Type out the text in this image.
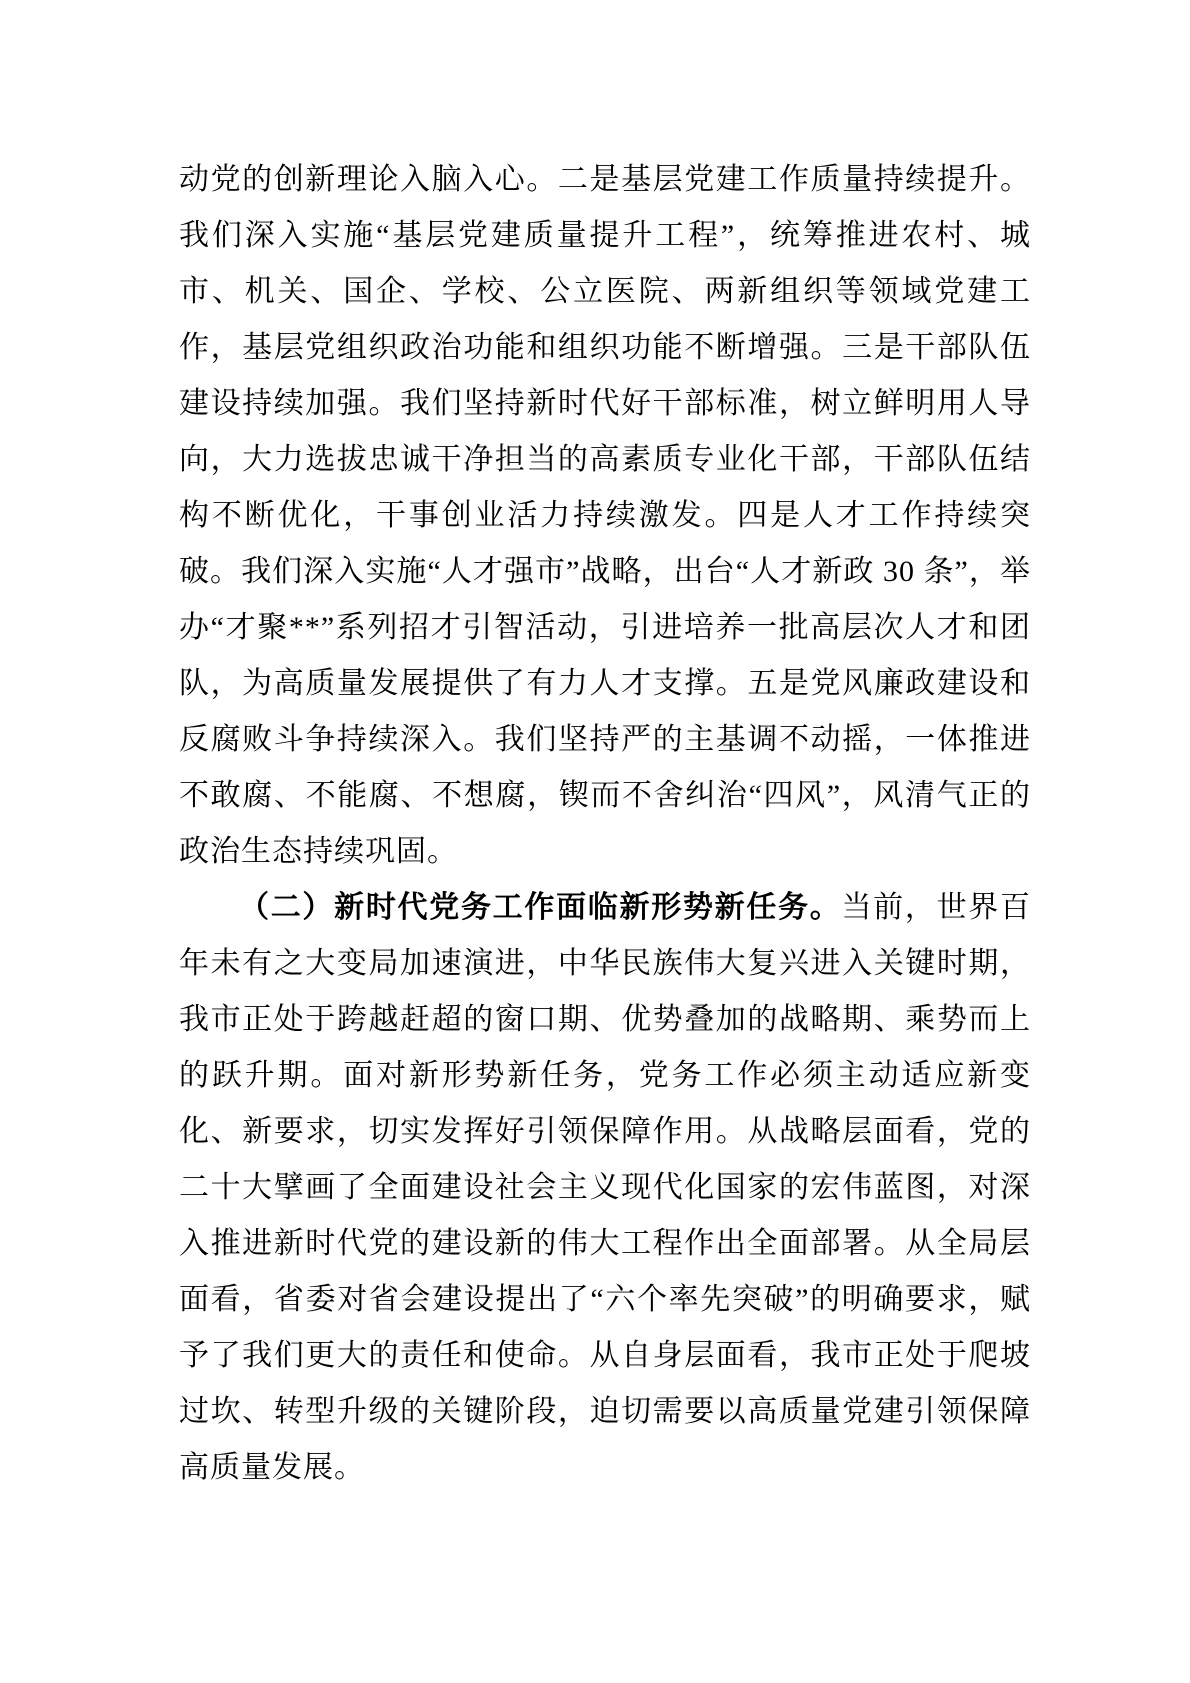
动党的创新理论入脑入心。二是基层党建工作质量持续提升。我们深入实施“基层党建质量提升工程”，统筹推进农村、城市、机关、国企、学校、公立医院、两新组织等领域党建工作，基层党组织政治功能和组织功能不断增强。三是干部队伍建设持续加强。我们坚持新时代好干部标准，树立鲜明用人导向，大力选拔忠诚干净担当的高素质专业化干部，干部队伍结构不断优化，干事创业活力持续激发。四是人才工作持续突破。我们深入实施“人才强市”战略，出台“人才新政 30 条”，举办“才聚**”系列招才引智活动，引进培养一批高层次人才和团队，为高质量发展提供了有力人才支撑。五是党风廉政建设和反腐败斗争持续深入。我们坚持严的主基调不动摇，一体推进不敢腐、不能腐、不想腐，锲而不舍纠治“四风”，风清气正的政治生态持续巩固。

（二）新时代党务工作面临新形势新任务。当前，世界百年未有之大变局加速演进，中华民族伟大复兴进入关键时期，我市正处于跨越赶超的窗口期、优势叠加的战略期、乘势而上的跃升期。面对新形势新任务，党务工作必须主动适应新变化、新要求，切实发挥好引领保障作用。从战略层面看，党的二十大擘画了全面建设社会主义现代化国家的宏伟蓝图，对深入推进新时代党的建设新的伟大工程作出全面部署。从全局层面看，省委对省会建设提出了“六个率先突破”的明确要求，赋予了我们更大的责任和使命。从自身层面看，我市正处于爬坡过坎、转型升级的关键阶段，迫切需要以高质量党建引领保障高质量发展。
